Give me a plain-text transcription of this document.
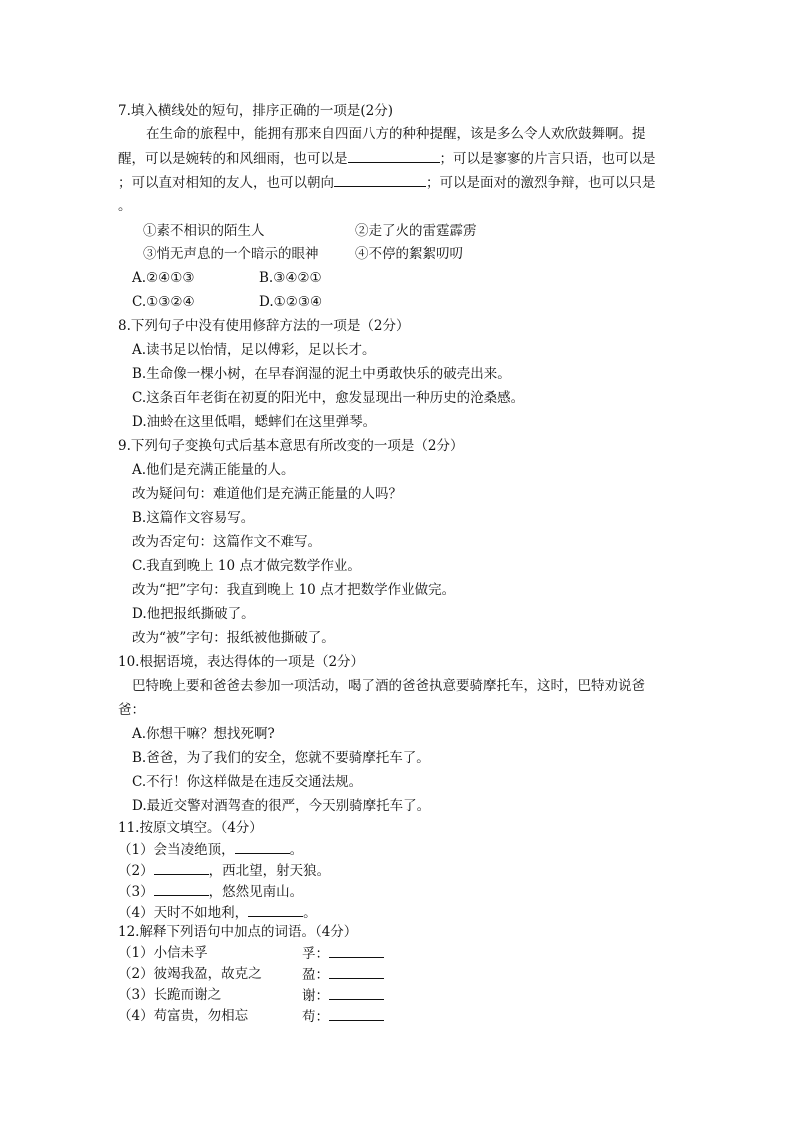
7.填入横线处的短句，排序正确的一项是(2分)
在生命的旅程中，能拥有那来自四面八方的种种提醒，该是多么令人欢欣鼓舞啊。提
醒，可以是婉转的和风细雨，也可以是	；可以是寥寥的片言只语，也可以是
；可以直对相知的友人，也可以朝向	；可以是面对的激烈争辩，也可以只是
。
①素不相识的陌生人	②走了火的雷霆霹雳
③悄无声息的一个暗示的眼神	④不停的絮絮叨叨
A.②④①③	B.③④②①
C.①③②④	D.①②③④
8.下列句子中没有使用修辞方法的一项是（2分）
A.读书足以怡情，足以傅彩，足以长才。
B.生命像一棵小树，在早春润湿的泥土中勇敢快乐的破壳出来。
C.这条百年老街在初夏的阳光中，愈发显现出一种历史的沧桑感。
D.油蛉在这里低唱，蟋蟀们在这里弹琴。
9.下列句子变换句式后基本意思有所改变的一项是（2分）
A.他们是充满正能量的人。
改为疑问句：难道他们是充满正能量的人吗？
B.这篇作文容易写。
改为否定句：这篇作文不难写。
C.我直到晚上 10 点才做完数学作业。
改为“把”字句：我直到晚上 10 点才把数学作业做完。
D.他把报纸撕破了。
改为“被”字句：报纸被他撕破了。
10.根据语境，表达得体的一项是（2分）
巴特晚上要和爸爸去参加一项活动，喝了酒的爸爸执意要骑摩托车，这时，巴特劝说爸
爸：
A.你想干嘛？想找死啊?
B.爸爸，为了我们的安全，您就不要骑摩托车了。
C.不行！你这样做是在违反交通法规。
D.最近交警对酒驾查的很严，今天别骑摩托车了。
11.按原文填空。（4分）
（1）会当凌绝顶，	。
（2）	，西北望，射天狼。
（3）	，悠然见南山。
（4）天时不如地利，	。
12.解释下列语句中加点的词语。（4分）
（1）小信未孚	孚：
（2）彼竭我盈，故克之	盈：
（3）长跪而谢之	谢：
（4）苟富贵，勿相忘	苟：
